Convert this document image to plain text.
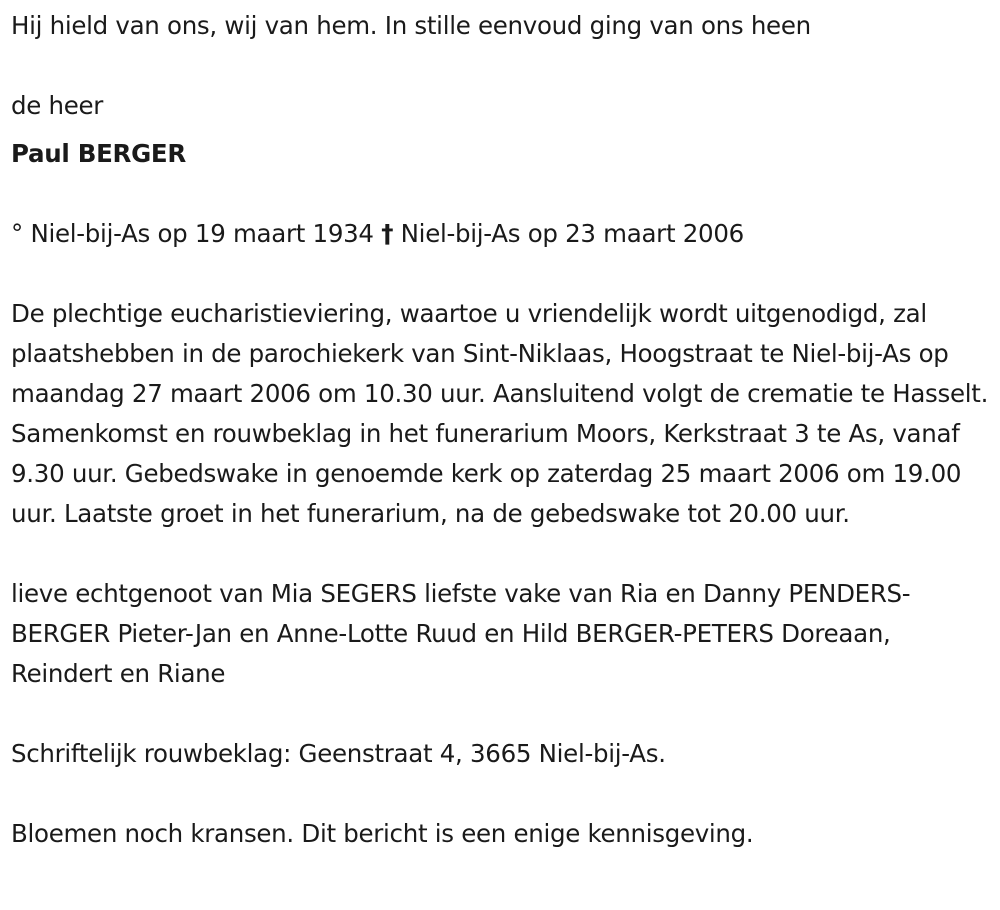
Hij hield van ons, wij van hem. In stille eenvoud ging van ons heen

de heer

Paul BERGER

° Niel-bij-As op 19 maart 1934 † Niel-bij-As op 23 maart 2006

De plechtige eucharistieviering, waartoe u vriendelijk wordt uitgenodigd, zal plaatshebben in de parochiekerk van Sint-Niklaas, Hoogstraat te Niel-bij-As op maandag 27 maart 2006 om 10.30 uur. Aansluitend volgt de crematie te Hasselt. Samenkomst en rouwbeklag in het funerarium Moors, Kerkstraat 3 te As, vanaf 9.30 uur. Gebedswake in genoemde kerk op zaterdag 25 maart 2006 om 19.00 uur. Laatste groet in het funerarium, na de gebedswake tot 20.00 uur.

lieve echtgenoot van Mia SEGERS liefste vake van Ria en Danny PENDERS-BERGER Pieter-Jan en Anne-Lotte Ruud en Hild BERGER-PETERS Doreaan, Reindert en Riane

Schriftelijk rouwbeklag: Geenstraat 4, 3665 Niel-bij-As.

Bloemen noch kransen. Dit bericht is een enige kennisgeving.
